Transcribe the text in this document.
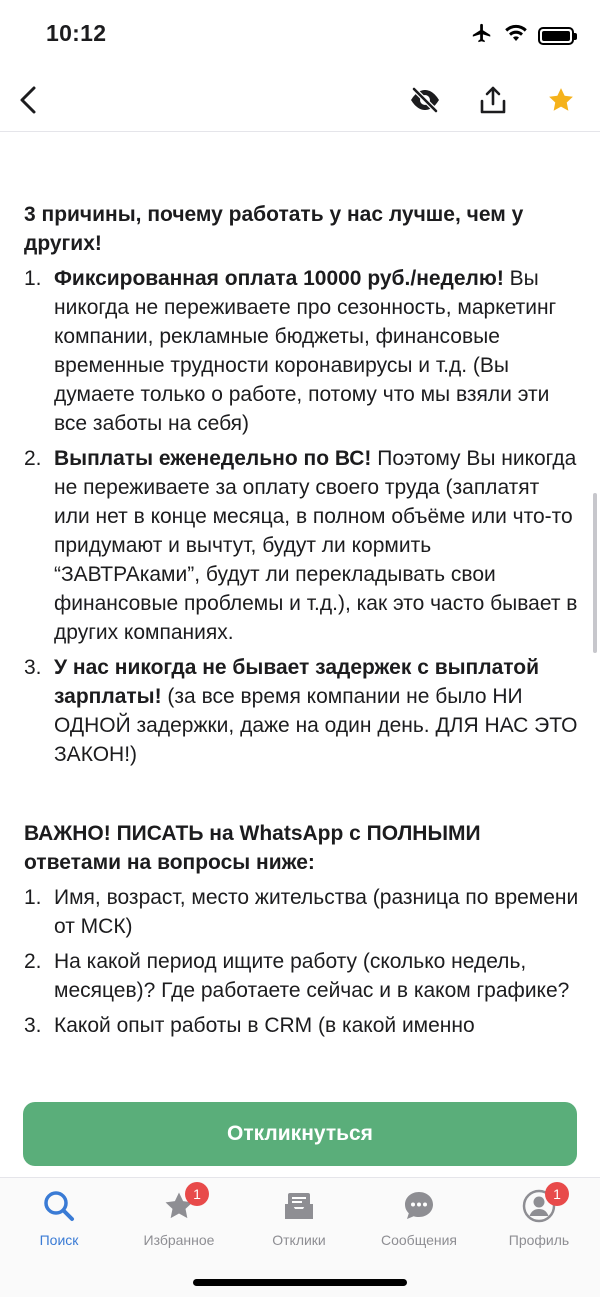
10:12
3 причины, почему работать у нас лучше, чем у других!
1. Фиксированная оплата 10000 руб./неделю! Вы никогда не переживаете про сезонность, маркетинг компании, рекламные бюджеты, финансовые временные трудности коронавирусы и т.д. (Вы думаете только о работе, потому что мы взяли эти все заботы на себя)
2. Выплаты еженедельно по ВС! Поэтому Вы никогда не переживаете за оплату своего труда (заплатят или нет в конце месяца, в полном объёме или что-то придумают и вычтут, будут ли кормить “ЗАВТРАками”, будут ли перекладывать свои финансовые проблемы и т.д.), как это часто бывает в других компаниях.
3. У нас никогда не бывает задержек с выплатой зарплаты! (за все время компании не было НИ ОДНОЙ задержки, даже на один день. ДЛЯ НАС ЭТО ЗАКОН!)
ВАЖНО! ПИСАТЬ на WhatsApp с ПОЛНЫМИ ответами на вопросы ниже:
1. Имя, возраст, место жительства (разница по времени от МСК)
2. На какой период ищите работу (сколько недель, месяцев)? Где работаете сейчас и в каком графике?
3. Какой опыт работы в CRM (в какой именно
Откликнуться
Поиск
1
Избранное	Отклики	Сообщения
1
Профиль
